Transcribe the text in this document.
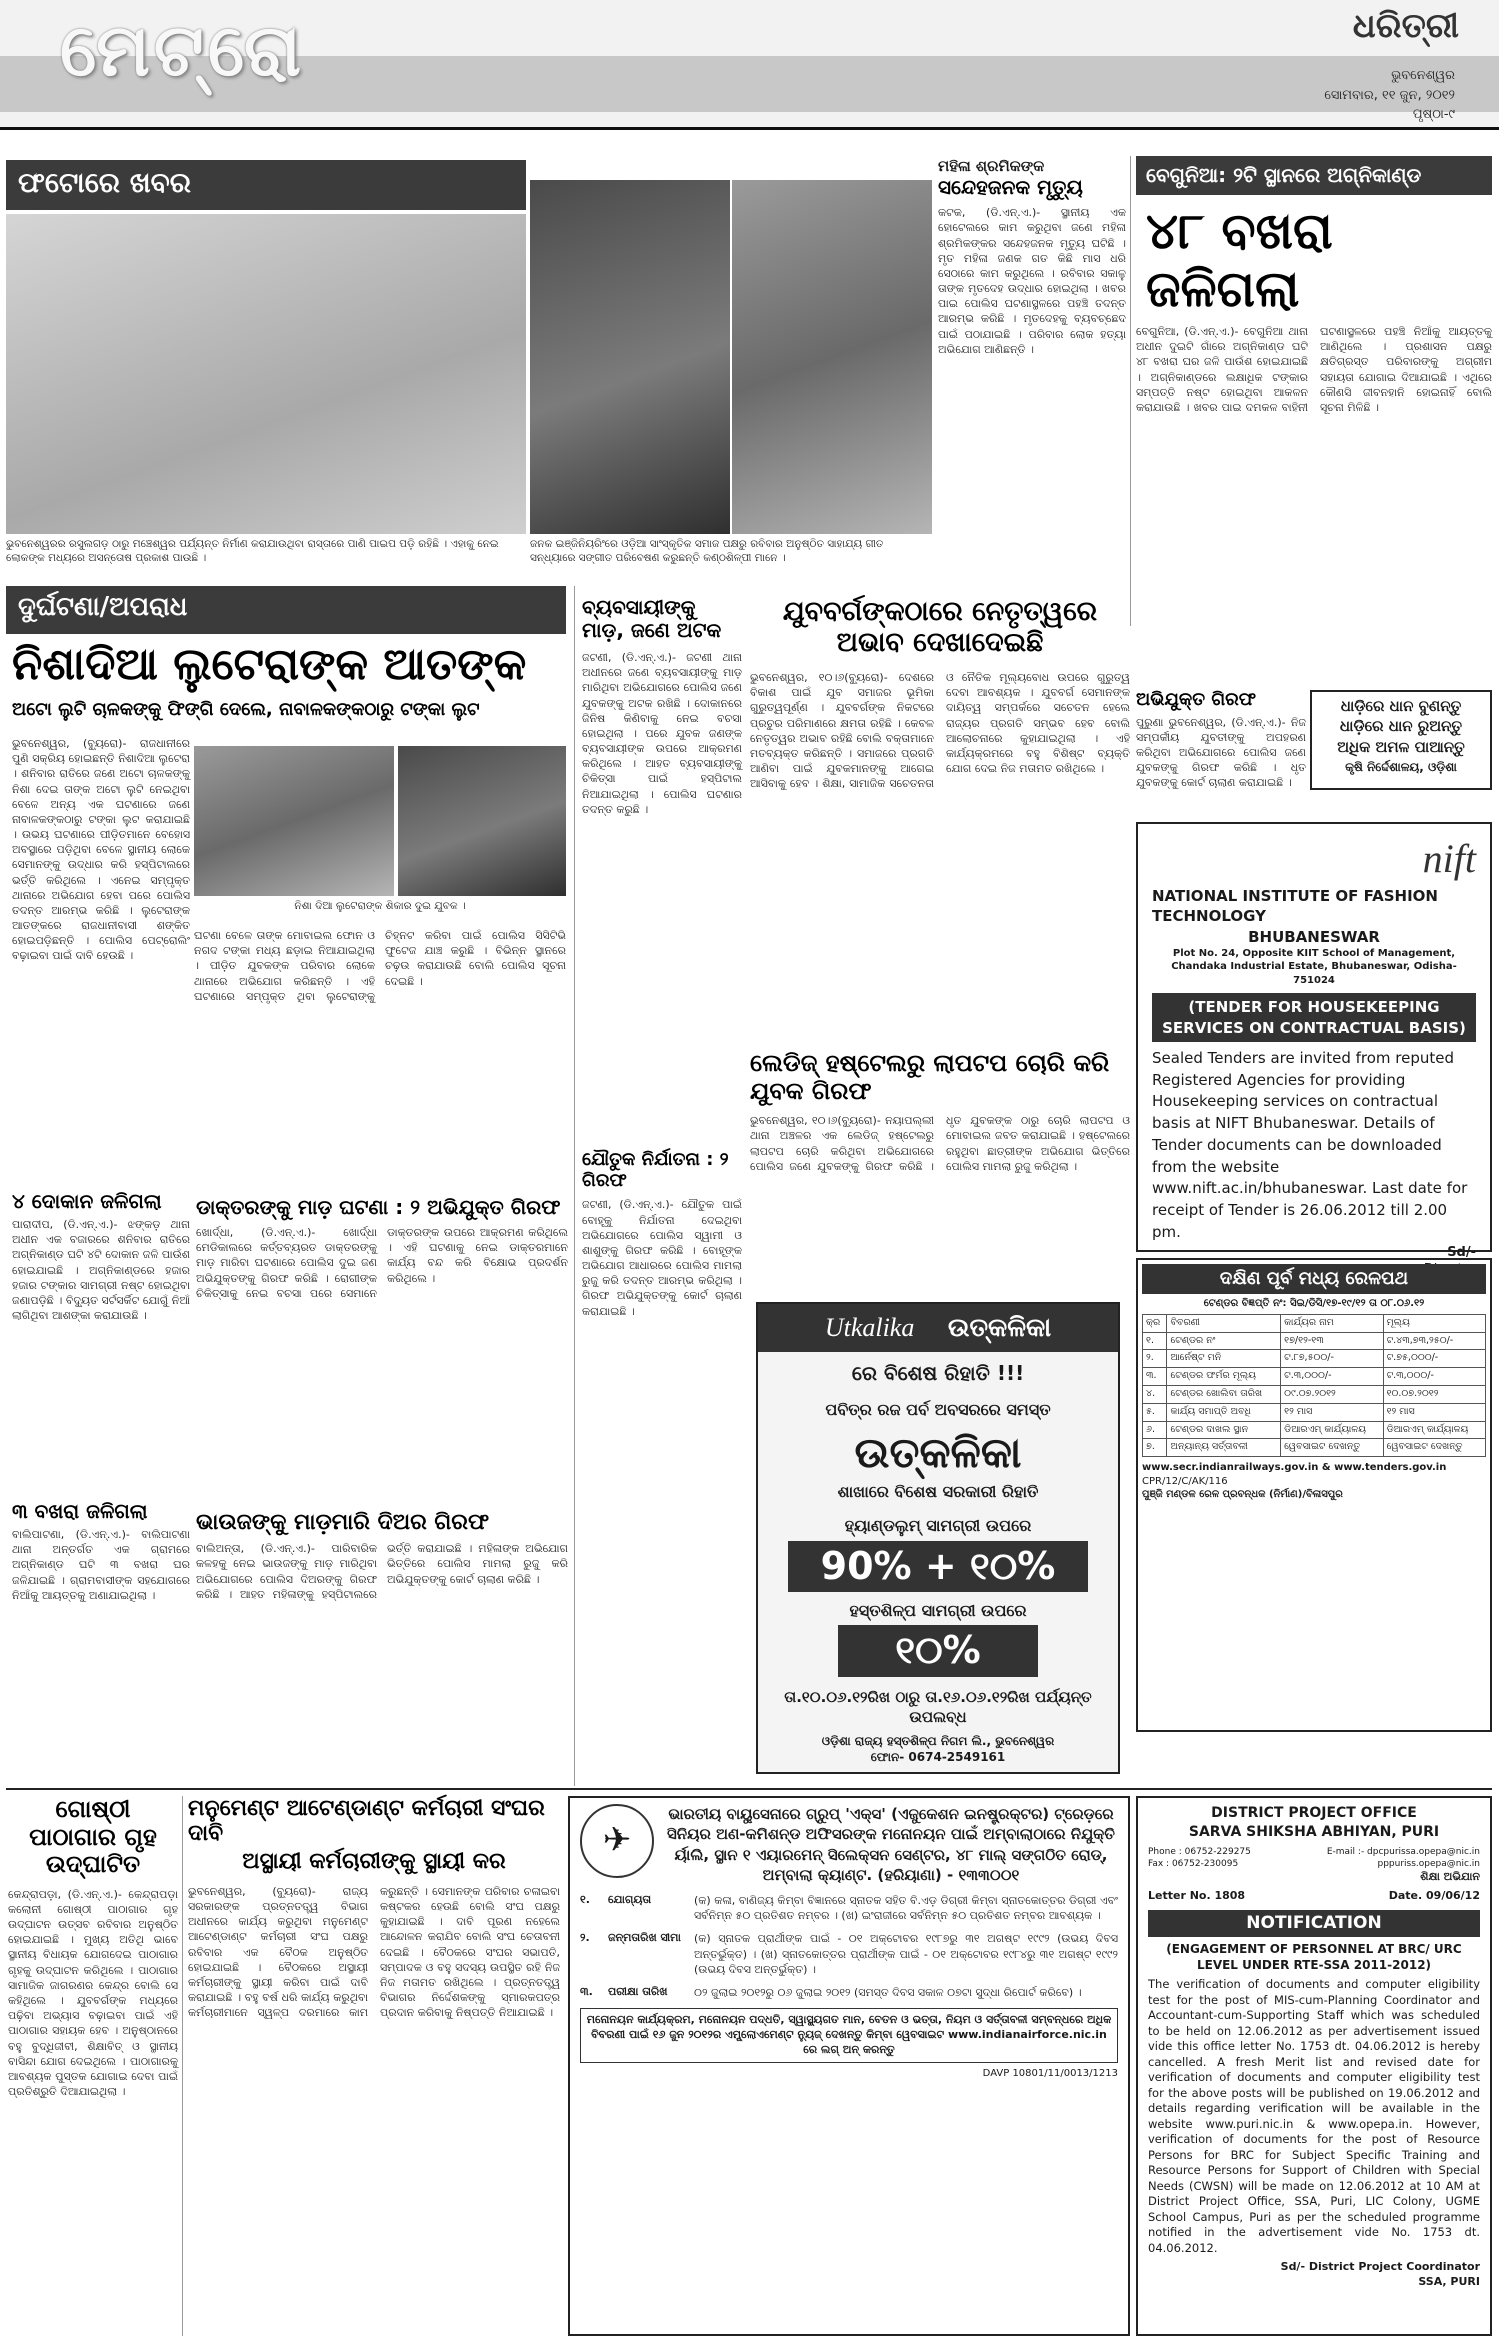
ମେଟ୍ରୋ	ଧରିତ୍ରୀ
ଭୁବନେଶ୍ୱର
ସୋମବାର, ୧୧ ଜୁନ, ୨୦୧୨
ପୃଷ୍ଠା-୯
ଫଟୋରେ ଖବର
ଭୁବନେଶ୍ୱରର ରସୁଲଗଡ଼ ଠାରୁ ମଞ୍ଚେଶ୍ୱର ପର୍ଯ୍ୟନ୍ତ ନିର୍ମାଣ କରାଯାଉଥିବା ରାସ୍ତାରେ ପାଣି ପାଇପ ପଡ଼ି ରହିଛି । ଏହାକୁ ନେଇ ଲୋକଙ୍କ ମଧ୍ୟରେ ଅସନ୍ତୋଷ ପ୍ରକାଶ ପାଉଛି ।
ଜନକ ଇଞ୍ଜିନିୟରିଂରେ ଓଡ଼ିଆ ସାଂସ୍କୃତିକ ସମାଜ ପକ୍ଷରୁ ରବିବାର ଅନୁଷ୍ଠିତ ସାହାଯ୍ୟ ଗୀତ ସନ୍ଧ୍ୟାରେ ସଙ୍ଗୀତ ପରିବେଷଣ କରୁଛନ୍ତି କଣ୍ଠଶିଳ୍ପୀ ମାନେ ।
ମହିଳା ଶ୍ରମିକଙ୍କ
ସନ୍ଦେହଜନକ ମୃତ୍ୟୁ
କଟକ, (ଡି.ଏନ୍.ଏ.)- ସ୍ଥାନୀୟ ଏକ ହୋଟେଲରେ କାମ କରୁଥିବା ଜଣେ ମହିଳା ଶ୍ରମିକଙ୍କର ସନ୍ଦେହଜନକ ମୃତ୍ୟୁ ଘଟିଛି । ମୃତ ମହିଳା ଜଣକ ଗତ କିଛି ମାସ ଧରି ସେଠାରେ କାମ କରୁଥିଲେ । ରବିବାର ସକାଳୁ ତାଙ୍କ ମୃତଦେହ ଉଦ୍ଧାର ହୋଇଥିଲା । ଖବର ପାଇ ପୋଲିସ ଘଟଣାସ୍ଥଳରେ ପହଞ୍ଚି ତଦନ୍ତ ଆରମ୍ଭ କରିଛି । ମୃତଦେହକୁ ବ୍ୟବଚ୍ଛେଦ ପାଇଁ ପଠାଯାଇଛି । ପରିବାର ଲୋକ ହତ୍ୟା ଅଭିଯୋଗ ଆଣିଛନ୍ତି ।
ବେଗୁନିଆ: ୨ଟି ସ୍ଥାନରେ ଅଗ୍ନିକାଣ୍ଡ
୪୮ ବଖରା ଜଳିଗଲା
ବେଗୁନିଆ, (ଡି.ଏନ୍.ଏ.)- ବେଗୁନିଆ ଥାନା ଅଧୀନ ଦୁଇଟି ଗାଁରେ ଅଗ୍ନିକାଣ୍ଡ ଘଟି ୪୮ ବଖରା ଘର ଜଳି ପାଉଁଶ ହୋଇଯାଇଛି । ଅଗ୍ନିକାଣ୍ଡରେ ଲକ୍ଷାଧିକ ଟଙ୍କାର ସମ୍ପତ୍ତି ନଷ୍ଟ ହୋଇଥିବା ଆକଳନ କରାଯାଉଛି । ଖବର ପାଇ ଦମକଳ ବାହିନୀ ଘଟଣାସ୍ଥଳରେ ପହଞ୍ଚି ନିଆଁକୁ ଆୟତ୍ତକୁ ଆଣିଥିଲେ । ପ୍ରଶାସନ ପକ୍ଷରୁ କ୍ଷତିଗ୍ରସ୍ତ ପରିବାରଙ୍କୁ ଅଗ୍ରୀମ ସହାୟତା ଯୋଗାଇ ଦିଆଯାଇଛି । ଏଥିରେ କୌଣସି ଜୀବନହାନି ହୋଇନାହିଁ ବୋଲି ସୂଚନା ମିଳିଛି ।
ଦୁର୍ଘଟଣା/ଅପରାଧ
ନିଶାଦିଆ ଲୁଟେରାଙ୍କ ଆତଙ୍କ
ଅଟୋ ଲୁଟି ଚାଳକଙ୍କୁ ଫିଙ୍ଗି ଦେଲେ, ନାବାଳକଙ୍କଠାରୁ ଟଙ୍କା ଲୁଟ
ଭୁବନେଶ୍ୱର, (ବ୍ୟୁରୋ)- ରାଜଧାନୀରେ ପୁଣି ସକ୍ରିୟ ହୋଇଛନ୍ତି ନିଶାଦିଆ ଲୁଟେରା । ଶନିବାର ରାତିରେ ଜଣେ ଅଟୋ ଚାଳକଙ୍କୁ ନିଶା ଦେଇ ତାଙ୍କ ଅଟୋ ଲୁଟି ନେଇଥିବା ବେଳେ ଅନ୍ୟ ଏକ ଘଟଣାରେ ଜଣେ ନାବାଳକଙ୍କଠାରୁ ଟଙ୍କା ଲୁଟ କରାଯାଇଛି । ଉଭୟ ଘଟଣାରେ ପୀଡ଼ିତମାନେ ବେହୋସ ଅବସ୍ଥାରେ ପଡ଼ିଥିବା ବେଳେ ସ୍ଥାନୀୟ ଲୋକେ ସେମାନଙ୍କୁ ଉଦ୍ଧାର କରି ହସ୍ପିଟାଲରେ ଭର୍ତ୍ତି କରିଥିଲେ । ଏନେଇ ସମ୍ପୃକ୍ତ ଥାନାରେ ଅଭିଯୋଗ ହେବା ପରେ ପୋଲିସ ତଦନ୍ତ ଆରମ୍ଭ କରିଛି । ଲୁଟେରାଙ୍କ ଆତଙ୍କରେ ରାଜଧାନୀବାସୀ ଶଙ୍କିତ ହୋଇପଡ଼ିଛନ୍ତି । ପୋଲିସ ପେଟ୍ରୋଲିଂ ବଢ଼ାଇବା ପାଇଁ ଦାବି ହେଉଛି ।
ନିଶା ଦିଆ ଲୁଟେରାଙ୍କ ଶିକାର ଦୁଇ ଯୁବକ ।
ଘଟଣା ବେଳେ ତାଙ୍କ ମୋବାଇଲ ଫୋନ ଓ ନଗଦ ଟଙ୍କା ମଧ୍ୟ ଛଡ଼ାଇ ନିଆଯାଇଥିଲା । ପୀଡ଼ିତ ଯୁବକଙ୍କ ପରିବାର ଲୋକେ ଥାନାରେ ଅଭିଯୋଗ କରିଛନ୍ତି । ଏହି ଘଟଣାରେ ସମ୍ପୃକ୍ତ ଥିବା ଲୁଟେରାଙ୍କୁ ଚିହ୍ନଟ କରିବା ପାଇଁ ପୋଲିସ ସିସିଟିଭି ଫୁଟେଜ ଯାଞ୍ଚ କରୁଛି । ବିଭିନ୍ନ ସ୍ଥାନରେ ଚଢ଼ଉ କରାଯାଉଛି ବୋଲି ପୋଲିସ ସୂଚନା ଦେଇଛି ।
୪ ଦୋକାନ ଜଳିଗଲା
ପାରାଦୀପ, (ଡି.ଏନ୍.ଏ.)- ଝଙ୍କଡ଼ ଥାନା ଅଧୀନ ଏକ ବଜାରରେ ଶନିବାର ରାତିରେ ଅଗ୍ନିକାଣ୍ଡ ଘଟି ୪ଟି ଦୋକାନ ଜଳି ପାଉଁଶ ହୋଇଯାଇଛି । ଅଗ୍ନିକାଣ୍ଡରେ ହଜାର ହଜାର ଟଙ୍କାର ସାମଗ୍ରୀ ନଷ୍ଟ ହୋଇଥିବା ଜଣାପଡ଼ିଛି । ବିଦ୍ୟୁତ ସର୍ଟସର୍କିଟ ଯୋଗୁଁ ନିଆଁ ଲାଗିଥିବା ଆଶଙ୍କା କରାଯାଉଛି ।
୩ ବଖରା ଜଳିଗଲା
ବାଲିପାଟଣା, (ଡି.ଏନ୍.ଏ.)- ବାଲିପାଟଣା ଥାନା ଅନ୍ତର୍ଗତ ଏକ ଗ୍ରାମରେ ଅଗ୍ନିକାଣ୍ଡ ଘଟି ୩ ବଖରା ଘର ଜଳିଯାଇଛି । ଗ୍ରାମବାସୀଙ୍କ ସହଯୋଗରେ ନିଆଁକୁ ଆୟତ୍ତକୁ ଅଣାଯାଇଥିଲା ।
ଡାକ୍ତରଙ୍କୁ ମାଡ଼ ଘଟଣା : ୨ ଅଭିଯୁକ୍ତ ଗିରଫ
ଖୋର୍ଦ୍ଧା, (ଡି.ଏନ୍.ଏ.)- ଖୋର୍ଦ୍ଧା ମେଡିକାଲରେ କର୍ତ୍ତବ୍ୟରତ ଡାକ୍ତରଙ୍କୁ ମାଡ଼ ମାରିବା ଘଟଣାରେ ପୋଲିସ ଦୁଇ ଜଣ ଅଭିଯୁକ୍ତଙ୍କୁ ଗିରଫ କରିଛି । ରୋଗୀଙ୍କ ଚିକିତ୍ସାକୁ ନେଇ ବଚସା ପରେ ସେମାନେ ଡାକ୍ତରଙ୍କ ଉପରେ ଆକ୍ରମଣ କରିଥିଲେ । ଏହି ଘଟଣାକୁ ନେଇ ଡାକ୍ତରମାନେ କାର୍ଯ୍ୟ ବନ୍ଦ କରି ବିକ୍ଷୋଭ ପ୍ରଦର୍ଶନ କରିଥିଲେ ।
ଭାଉଜଙ୍କୁ ମାଡ଼ମାରି ଦିଅର ଗିରଫ
ବାଲିଅନ୍ତା, (ଡି.ଏନ୍.ଏ.)- ପାରିବାରିକ କଳହକୁ ନେଇ ଭାଉଜଙ୍କୁ ମାଡ଼ ମାରିଥିବା ଅଭିଯୋଗରେ ପୋଲିସ ଦିଅରଙ୍କୁ ଗିରଫ କରିଛି । ଆହତ ମହିଳାଙ୍କୁ ହସ୍ପିଟାଲରେ ଭର୍ତ୍ତି କରାଯାଇଛି । ମହିଳାଙ୍କ ଅଭିଯୋଗ ଭିତ୍ତିରେ ପୋଲିସ ମାମଲା ରୁଜୁ କରି ଅଭିଯୁକ୍ତଙ୍କୁ କୋର୍ଟ ଚାଲାଣ କରିଛି ।
ବ୍ୟବସାୟୀଙ୍କୁ ମାଡ଼, ଜଣେ ଅଟକ
ଜଟଣୀ, (ଡି.ଏନ୍.ଏ.)- ଜଟଣୀ ଥାନା ଅଧୀନରେ ଜଣେ ବ୍ୟବସାୟୀଙ୍କୁ ମାଡ଼ ମାରିଥିବା ଅଭିଯୋଗରେ ପୋଲିସ ଜଣେ ଯୁବକଙ୍କୁ ଅଟକ ରଖିଛି । ଦୋକାନରେ ଜିନିଷ କିଣିବାକୁ ନେଇ ବଚସା ହୋଇଥିଲା । ପରେ ଯୁବକ ଜଣଙ୍କ ବ୍ୟବସାୟୀଙ୍କ ଉପରେ ଆକ୍ରମଣ କରିଥିଲେ । ଆହତ ବ୍ୟବସାୟୀଙ୍କୁ ଚିକିତ୍ସା ପାଇଁ ହସ୍ପିଟାଲ ନିଆଯାଇଥିଲା । ପୋଲିସ ଘଟଣାର ତଦନ୍ତ କରୁଛି ।
ଯୌତୁକ ନିର୍ଯାତନା : ୨ ଗିରଫ
ଜଟଣୀ, (ଡି.ଏନ୍.ଏ.)- ଯୌତୁକ ପାଇଁ ବୋହୂକୁ ନିର୍ଯାତନା ଦେଇଥିବା ଅଭିଯୋଗରେ ପୋଲିସ ସ୍ୱାମୀ ଓ ଶାଶୁଙ୍କୁ ଗିରଫ କରିଛି । ବୋହୂଙ୍କ ଅଭିଯୋଗ ଆଧାରରେ ପୋଲିସ ମାମଲା ରୁଜୁ କରି ତଦନ୍ତ ଆରମ୍ଭ କରିଥିଲା । ଗିରଫ ଅଭିଯୁକ୍ତଙ୍କୁ କୋର୍ଟ ଚାଲାଣ କରାଯାଇଛି ।
ଯୁବବର୍ଗଙ୍କଠାରେ ନେତୃତ୍ୱରେ ଅଭାବ ଦେଖାଦେଇଛି
ଭୁବନେଶ୍ୱର, ୧୦।୬(ବ୍ୟୁରୋ)- ଦେଶରେ ବିକାଶ ପାଇଁ ଯୁବ ସମାଜର ଭୂମିକା ଗୁରୁତ୍ୱପୂର୍ଣ୍ଣ । ଯୁବବର୍ଗଙ୍କ ନିକଟରେ ପ୍ରଚୁର ପରିମାଣରେ କ୍ଷମତା ରହିଛି । କେବଳ ନେତୃତ୍ୱର ଅଭାବ ରହିଛି ବୋଲି ବକ୍ତାମାନେ ମତବ୍ୟକ୍ତ କରିଛନ୍ତି । ସମାଜରେ ପ୍ରଗତି ଆଣିବା ପାଇଁ ଯୁବକମାନଙ୍କୁ ଆଗେଇ ଆସିବାକୁ ହେବ । ଶିକ୍ଷା, ସାମାଜିକ ସଚେତନତା ଓ ନୈତିକ ମୂଲ୍ୟବୋଧ ଉପରେ ଗୁରୁତ୍ୱ ଦେବା ଆବଶ୍ୟକ । ଯୁବବର୍ଗ ସେମାନଙ୍କ ଦାୟିତ୍ୱ ସମ୍ପର୍କରେ ସଚେତନ ହେଲେ ରାଜ୍ୟର ପ୍ରଗତି ସମ୍ଭବ ହେବ ବୋଲି ଆଲୋଚନାରେ କୁହାଯାଇଥିଲା । ଏହି କାର୍ଯ୍ୟକ୍ରମରେ ବହୁ ବିଶିଷ୍ଟ ବ୍ୟକ୍ତି ଯୋଗ ଦେଇ ନିଜ ମତାମତ ରଖିଥିଲେ ।
ଲେଡିଜ୍ ହଷ୍ଟେଲରୁ ଲାପଟପ ଚୋରି କରି ଯୁବକ ଗିରଫ
ଭୁବନେଶ୍ୱର, ୧୦।୬(ବ୍ୟୁରୋ)- ନୟାପଲ୍ଲୀ ଥାନା ଅଞ୍ଚଳର ଏକ ଲେଡିଜ୍ ହଷ୍ଟେଲରୁ ଲାପଟପ ଚୋରି କରିଥିବା ଅଭିଯୋଗରେ ପୋଲିସ ଜଣେ ଯୁବକଙ୍କୁ ଗିରଫ କରିଛି । ଧୃତ ଯୁବକଙ୍କ ଠାରୁ ଚୋରି ଲାପଟପ ଓ ମୋବାଇଲ ଜବତ କରାଯାଇଛି । ହଷ୍ଟେଲରେ ରହୁଥିବା ଛାତ୍ରୀଙ୍କ ଅଭିଯୋଗ ଭିତ୍ତିରେ ପୋଲିସ ମାମଲା ରୁଜୁ କରିଥିଲା ।
Utkalika ଉତ୍କଳିକା
ରେ ବିଶେଷ ରିହାତି !!!
ପବିତ୍ର ରଜ ପର୍ବ ଅବସରରେ ସମସ୍ତ
ଉତ୍କଳିକା
ଶାଖାରେ ବିଶେଷ ସରକାରୀ ରିହାତି
ହ୍ୟାଣ୍ଡଲୁମ୍ ସାମଗ୍ରୀ ଉପରେ
90% + ୧୦%
ହସ୍ତଶିଳ୍ପ ସାମଗ୍ରୀ ଉପରେ
୧୦%
ତା.୧୦.୦୬.୧୨ରିଖ ଠାରୁ ତା.୧୬.୦୬.୧୨ରିଖ ପର୍ଯ୍ୟନ୍ତ ଉପଲବ୍ଧ
ଓଡ଼ିଶା ରାଜ୍ୟ ହସ୍ତଶିଳ୍ପ ନିଗମ ଲି., ଭୁବନେଶ୍ୱର
ଫୋନ- 0674-2549161
ଅଭିଯୁକ୍ତ ଗିରଫ
ପୁରୁଣା ଭୁବନେଶ୍ୱର, (ଡି.ଏନ୍.ଏ.)- ନିଜ ସମ୍ପର୍କୀୟ ଯୁବତୀଙ୍କୁ ଅପହରଣ କରିଥିବା ଅଭିଯୋଗରେ ପୋଲିସ ଜଣେ ଯୁବକଙ୍କୁ ଗିରଫ କରିଛି । ଧୃତ ଯୁବକଙ୍କୁ କୋର୍ଟ ଚାଲାଣ କରାଯାଇଛି ।
ଧାଡ଼ିରେ ଧାନ ବୁଣନ୍ତୁ
ଧାଡ଼ିରେ ଧାନ ରୁଅନ୍ତୁ
ଅଧିକ ଅମଳ ପାଆନ୍ତୁ
କୃଷି ନିର୍ଦ୍ଦେଶାଳୟ, ଓଡ଼ିଶା
nift
NATIONAL INSTITUTE OF FASHION TECHNOLOGY
BHUBANESWAR
Plot No. 24, Opposite KIIT School of Management, Chandaka Industrial Estate, Bhubaneswar, Odisha-751024
(TENDER FOR HOUSEKEEPING SERVICES ON CONTRACTUAL BASIS)
Sealed Tenders are invited from reputed Registered Agencies for providing Housekeeping services on contractual basis at NIFT Bhubaneswar. Details of Tender documents can be downloaded from the website www.nift.ac.in/bhubaneswar. Last date for receipt of Tender is 26.06.2012 till 2.00 pm.
Sd/-
ଦକ୍ଷିଣ ପୂର୍ବ ମଧ୍ୟ ରେଳପଥ
ଟେଣ୍ଡର ବିଜ୍ଞପ୍ତି ନଂ: ସିଇ/ଡିସି/୧୭-୧୯/୧୨ ତା ୦୮.୦୬.୧୨
କ୍ର	ବିବରଣୀ	କାର୍ଯ୍ୟର ନାମ	ମୂଲ୍ୟ
୧.	ଟେଣ୍ଡର ନଂ	୧୭/୧୨-୧୩	ଟ.୪୩,୭୩,୨୫୦/-
୨.	ଆର୍ନେଷ୍ଟ ମନି	ଟ.୮୭,୫୦୦/-	ଟ.୭୫,୦୦୦/-
୩.	ଟେଣ୍ଡର ଫର୍ମର ମୂଲ୍ୟ	ଟ.୩,୦୦୦/-	ଟ.୩,୦୦୦/-
୪.	ଟେଣ୍ଡର ଖୋଲିବା ତାରିଖ	୦୯.୦୭.୨୦୧୨	୧୦.୦୭.୨୦୧୨
୫.	କାର୍ଯ୍ୟ ସମାପ୍ତି ଅବଧି	୧୨ ମାସ	୧୨ ମାସ
୬.	ଟେଣ୍ଡର ଦାଖଲ ସ୍ଥାନ	ଡିଆରଏମ୍ କାର୍ଯ୍ୟାଳୟ	ଡିଆରଏମ୍ କାର୍ଯ୍ୟାଳୟ
୭.	ଅନ୍ୟାନ୍ୟ ସର୍ତ୍ତାବଳୀ	ୱେବସାଇଟ ଦେଖନ୍ତୁ	ୱେବସାଇଟ ଦେଖନ୍ତୁ
www.secr.indianrailways.gov.in & www.tenders.gov.in
CPR/12/C/AK/116
ପୁଞ୍ଜି ମଣ୍ଡଳ ରେଳ ପ୍ରବନ୍ଧକ (ନିର୍ମାଣ)/ବିଳାସପୁର
ଗୋଷ୍ଠୀ ପାଠାଗାର ଗୃହ ଉଦ୍‌ଘାଟିତ
କେନ୍ଦ୍ରାପଡ଼ା, (ଡି.ଏନ୍.ଏ.)- କେନ୍ଦ୍ରାପଡ଼ା କଲୋନୀ ଗୋଷ୍ଠୀ ପାଠାଗାର ଗୃହ ଉଦ୍‌ଘାଟନ ଉତ୍ସବ ରବିବାର ଅନୁଷ୍ଠିତ ହୋଇଯାଇଛି । ମୁଖ୍ୟ ଅତିଥି ଭାବେ ସ୍ଥାନୀୟ ବିଧାୟକ ଯୋଗଦେଇ ପାଠାଗାର ଗୃହକୁ ଉଦ୍‌ଘାଟନ କରିଥିଲେ । ପାଠାଗାର ସାମାଜିକ ଜାଗରଣର କେନ୍ଦ୍ର ବୋଲି ସେ କହିଥିଲେ । ଯୁବବର୍ଗଙ୍କ ମଧ୍ୟରେ ପଢ଼ିବା ଅଭ୍ୟାସ ବଢ଼ାଇବା ପାଇଁ ଏହି ପାଠାଗାର ସହାୟକ ହେବ । ଅନୁଷ୍ଠାନରେ ବହୁ ବୁଦ୍ଧିଜୀବୀ, ଶିକ୍ଷାବିତ୍ ଓ ସ୍ଥାନୀୟ ବାସିନ୍ଦା ଯୋଗ ଦେଇଥିଲେ । ପାଠାଗାରକୁ ଆବଶ୍ୟକ ପୁସ୍ତକ ଯୋଗାଇ ଦେବା ପାଇଁ ପ୍ରତିଶ୍ରୁତି ଦିଆଯାଇଥିଲା ।
ମନୁମେଣ୍ଟ ଆଟେଣ୍ଡାଣ୍ଟ କର୍ମଚାରୀ ସଂଘର ଦାବି
ଅସ୍ଥାୟୀ କର୍ମଚାରୀଙ୍କୁ ସ୍ଥାୟୀ କର
ଭୁବନେଶ୍ୱର, (ବ୍ୟୁରୋ)- ରାଜ୍ୟ ସରକାରଙ୍କ ପ୍ରତ୍ନତତ୍ତ୍ୱ ବିଭାଗ ଅଧୀନରେ କାର୍ଯ୍ୟ କରୁଥିବା ମନୁମେଣ୍ଟ ଆଟେଣ୍ଡାଣ୍ଟ କର୍ମଚାରୀ ସଂଘ ପକ୍ଷରୁ ରବିବାର ଏକ ବୈଠକ ଅନୁଷ୍ଠିତ ହୋଇଯାଇଛି । ବୈଠକରେ ଅସ୍ଥାୟୀ କର୍ମଚାରୀଙ୍କୁ ସ୍ଥାୟୀ କରିବା ପାଇଁ ଦାବି କରାଯାଇଛି । ବହୁ ବର୍ଷ ଧରି କାର୍ଯ୍ୟ କରୁଥିବା କର୍ମଚାରୀମାନେ ସ୍ୱଳ୍ପ ଦରମାରେ କାମ କରୁଛନ୍ତି । ସେମାନଙ୍କ ପରିବାର ଚଳାଇବା କଷ୍ଟକର ହେଉଛି ବୋଲି ସଂଘ ପକ୍ଷରୁ କୁହାଯାଇଛି । ଦାବି ପୂରଣ ନହେଲେ ଆନ୍ଦୋଳନ କରାଯିବ ବୋଲି ସଂଘ ଚେତାବନୀ ଦେଇଛି । ବୈଠକରେ ସଂଘର ସଭାପତି, ସମ୍ପାଦକ ଓ ବହୁ ସଦସ୍ୟ ଉପସ୍ଥିତ ରହି ନିଜ ନିଜ ମତାମତ ରଖିଥିଲେ । ପ୍ରତ୍ନତତ୍ତ୍ୱ ବିଭାଗର ନିର୍ଦ୍ଦେଶକଙ୍କୁ ସ୍ମାରକପତ୍ର ପ୍ରଦାନ କରିବାକୁ ନିଷ୍ପତ୍ତି ନିଆଯାଇଛି ।
✈
ଭାରତୀୟ ବାୟୁସେନାରେ ଗ୍ରୁପ୍ 'ଏକ୍ସ' (ଏଜୁକେଶନ ଇନଷ୍ଟ୍ରକ୍ଟର) ଟ୍ରେଡ଼ରେ ସିନିୟର ଅଣ-କମିଶନ୍ଡ ଅଫିସରଙ୍କ ମନୋନୟନ ପାଇଁ ଅମ୍ବାଲାଠାରେ ନିଯୁକ୍ତି ର୍ୟାଲି, ସ୍ଥାନ ୧ ଏୟାରମେନ୍ ସିଲେକ୍ସନ ସେଣ୍ଟର, ୪୮ ମାଲ୍ ସଙ୍ଗଠିତ ରୋଡ୍, ଅମ୍ବାଲା କ୍ୟାଣ୍ଟ. (ହରିୟାଣା) - ୧୩୩୦୦୧
୧.	ଯୋଗ୍ୟତା	(କ) କଳା, ବାଣିଜ୍ୟ କିମ୍ବା ବିଜ୍ଞାନରେ ସ୍ନାତକ ସହିତ ବି.ଏଡ଼ ଡିଗ୍ରୀ କିମ୍ବା ସ୍ନାତକୋତ୍ତର ଡିଗ୍ରୀ ଏବଂ ସର୍ବନିମ୍ନ ୫୦ ପ୍ରତିଶତ ନମ୍ବର । (ଖ) ଇଂରାଜୀରେ ସର୍ବନିମ୍ନ ୫୦ ପ୍ରତିଶତ ନମ୍ବର ଆବଶ୍ୟକ ।
୨.	ଜନ୍ମତାରିଖ ସୀମା	(କ) ସ୍ନାତକ ପ୍ରାର୍ଥୀଙ୍କ ପାଇଁ - ୦୧ ଅକ୍ଟୋବର ୧୯୮୭ରୁ ୩୧ ଅଗଷ୍ଟ ୧୯୯୨ (ଉଭୟ ଦିବସ ଅନ୍ତର୍ଭୁକ୍ତ) । (ଖ) ସ୍ନାତକୋତ୍ତର ପ୍ରାର୍ଥୀଙ୍କ ପାଇଁ - ୦୧ ଅକ୍ଟୋବର ୧୯୮୪ରୁ ୩୧ ଅଗଷ୍ଟ ୧୯୯୨ (ଉଭୟ ଦିବସ ଅନ୍ତର୍ଭୁକ୍ତ) ।
୩.	ପରୀକ୍ଷା ତାରିଖ	୦୨ ଜୁଲାଇ ୨୦୧୨ରୁ ୦୬ ଜୁଲାଇ ୨୦୧୨ (ସମସ୍ତ ଦିବସ ସକାଳ ୦୭ଟା ସୁଦ୍ଧା ରିପୋର୍ଟ କରିବେ) ।
ମନୋନୟନ କାର୍ଯ୍ୟକ୍ରମ, ମନୋନୟନ ପଦ୍ଧତି, ସ୍ୱାସ୍ଥ୍ୟଗତ ମାନ, ବେତନ ଓ ଭତ୍ତା, ନିୟମ ଓ ସର୍ତ୍ତାବଳୀ ସମ୍ବନ୍ଧରେ ଅଧିକ ବିବରଣୀ ପାଇଁ ୧୬ ଜୁନ ୨୦୧୨ର ଏମ୍ପ୍ଲୋଏମେଣ୍ଟ ନ୍ୟୁଜ୍ ଦେଖନ୍ତୁ କିମ୍ବା ୱେବସାଇଟ www.indianairforce.nic.in ରେ ଲଗ୍ ଅନ୍ କରନ୍ତୁ
DAVP 10801/11/0013/1213
DISTRICT PROJECT OFFICE
SARVA SHIKSHA ABHIYAN, PURI
Phone : 06752-229275
Fax : 06752-230095
E-mail :- dpcpurissa.opepa@nic.in
pppuriss.opepa@nic.in
ଶିକ୍ଷା ଅଭିଯାନ
Letter No. 1808	Date. 09/06/12
NOTIFICATION
(ENGAGEMENT OF PERSONNEL AT BRC/ URC LEVEL UNDER RTE-SSA 2011-2012)
The verification of documents and computer eligibility test for the post of MIS-cum-Planning Coordinator and Accountant-cum-Supporting Staff which was scheduled to be held on 12.06.2012 as per advertisement issued vide this office letter No. 1753 dt. 04.06.2012 is hereby cancelled. A fresh Merit list and revised date for verification of documents and computer eligibility test for the above posts will be published on 19.06.2012 and details regarding verification will be available in the website www.puri.nic.in & www.opepa.in. However, verification of documents for the post of Resource Persons for BRC for Subject Specific Training and Resource Persons for Support of Children with Special Needs (CWSN) will be made on 12.06.2012 at 10 AM at District Project Office, SSA, Puri, LIC Colony, UGME School Campus, Puri as per the scheduled programme notified in the advertisement vide No. 1753 dt. 04.06.2012.
Sd/- District Project Coordinator
SSA, PURI
